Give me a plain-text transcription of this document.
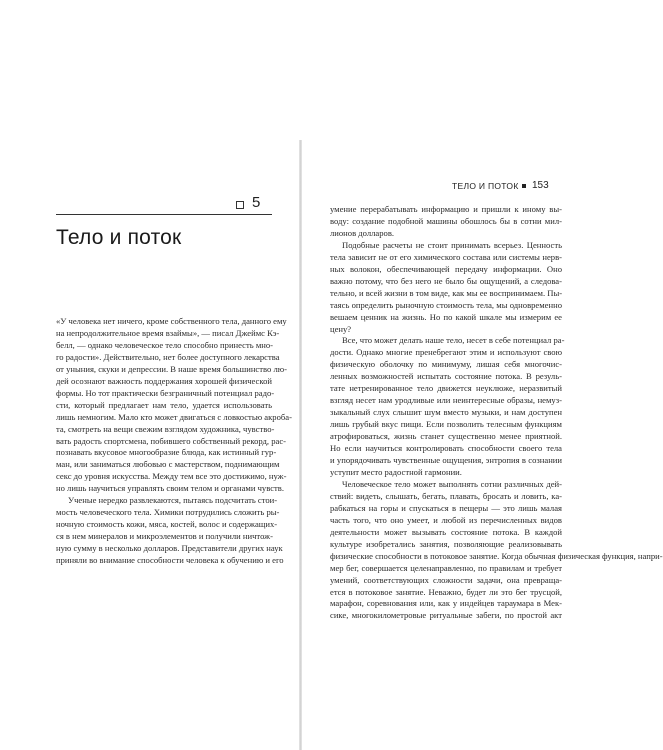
5
Тело и поток
«У человека нет ничего, кроме собственного тела, данного ему
на непродолжительное время взаймы», — писал Джеймс Кэ-
белл, — однако человеческое тело способно принесть мно-
го радости». Действительно, нет более доступного лекарства
от уныния, скуки и депрессии. В наше время большинство лю-
дей осознают важность поддержания хорошей физической
формы. Но тот практически безграничный потенциал радо-
сти, который предлагает нам тело, удается использовать
лишь немногим. Мало кто может двигаться с ловкостью акроба-
та, смотреть на вещи свежим взглядом художника, чувство-
вать радость спортсмена, побившего собственный рекорд, рас-
познавать вкусовое многообразие блюда, как истинный гур-
ман, или заниматься любовью с мастерством, поднимающим
секс до уровня искусства. Между тем все это достижимо, нуж-
но лишь научиться управлять своим телом и органами чувств.
Ученые нередко развлекаются, пытаясь подсчитать стои-
мость человеческого тела. Химики потрудились сложить ры-
ночную стоимость кожи, мяса, костей, волос и содержащих-
ся в нем минералов и микроэлементов и получили ничтож-
ную сумму в несколько долларов. Представители других наук
приняли во внимание способности человека к обучению и его
ТЕЛО И ПОТОК 153
умение перерабатывать информацию и пришли к иному вы-
воду: создание подобной машины обошлось бы в сотни мил-
лионов долларов.
Подобные расчеты не стоит принимать всерьез. Ценность
тела зависит не от его химического состава или системы нерв-
ных волокон, обеспечивающей передачу информации. Оно
важно потому, что без него не было бы ощущений, а следова-
тельно, и всей жизни в том виде, как мы ее воспринимаем. Пы-
таясь определить рыночную стоимость тела, мы одновременно
вешаем ценник на жизнь. Но по какой шкале мы измерим ее
цену?
Все, что может делать наше тело, несет в себе потенциал ра-
дости. Однако многие пренебрегают этим и используют свою
физическую оболочку по минимуму, лишая себя многочис-
ленных возможностей испытать состояние потока. В резуль-
тате нетренированное тело движется неуклюже, неразвитый
взгляд несет нам уродливые или неинтересные образы, немуз-
зыкальный слух слышит шум вместо музыки, и нам доступен
лишь грубый вкус пищи. Если позволить телесным функциям
атрофироваться, жизнь станет существенно менее приятной.
Но если научиться контролировать способности своего тела
и упорядочивать чувственные ощущения, энтропия в сознании
уступит место радостной гармонии.
Человеческое тело может выполнять сотни различных дей-
ствий: видеть, слышать, бегать, плавать, бросать и ловить, ка-
рабкаться на горы и спускаться в пещеры — это лишь малая
часть того, что оно умеет, и любой из перечисленных видов
деятельности может вызывать состояние потока. В каждой
культуре изобретались занятия, позволяющие реализовывать
физические способности в потоковое занятие. Когда обычная физическая функция, напри-
мер бег, совершается целенаправленно, по правилам и требует
умений, соответствующих сложности задачи, она превраща-
ется в потоковое занятие. Неважно, будет ли это бег трусцой,
марафон, соревнования или, как у индейцев тараумара в Мек-
сике, многокилометровые ритуальные забеги, по простой акт
